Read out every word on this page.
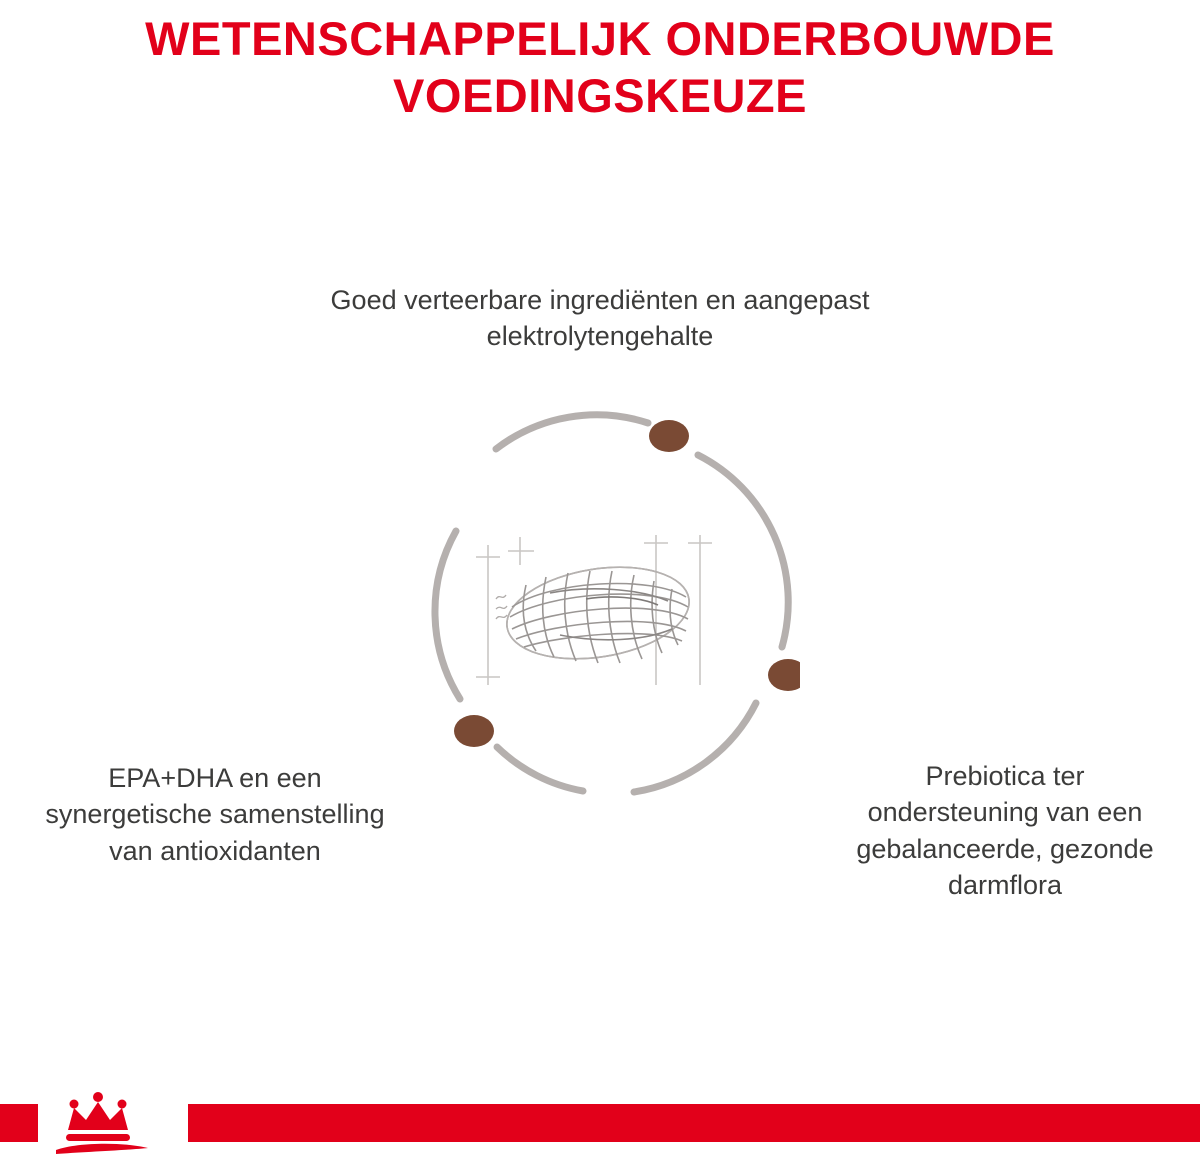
WETENSCHAPPELIJK ONDERBOUWDE VOEDINGSKEUZE
Goed verteerbare ingrediënten en aangepast elektrolytengehalte
EPA+DHA en een synergetische samenstelling van antioxidanten
Prebiotica ter ondersteuning van een gebalanceerde, gezonde darmflora
